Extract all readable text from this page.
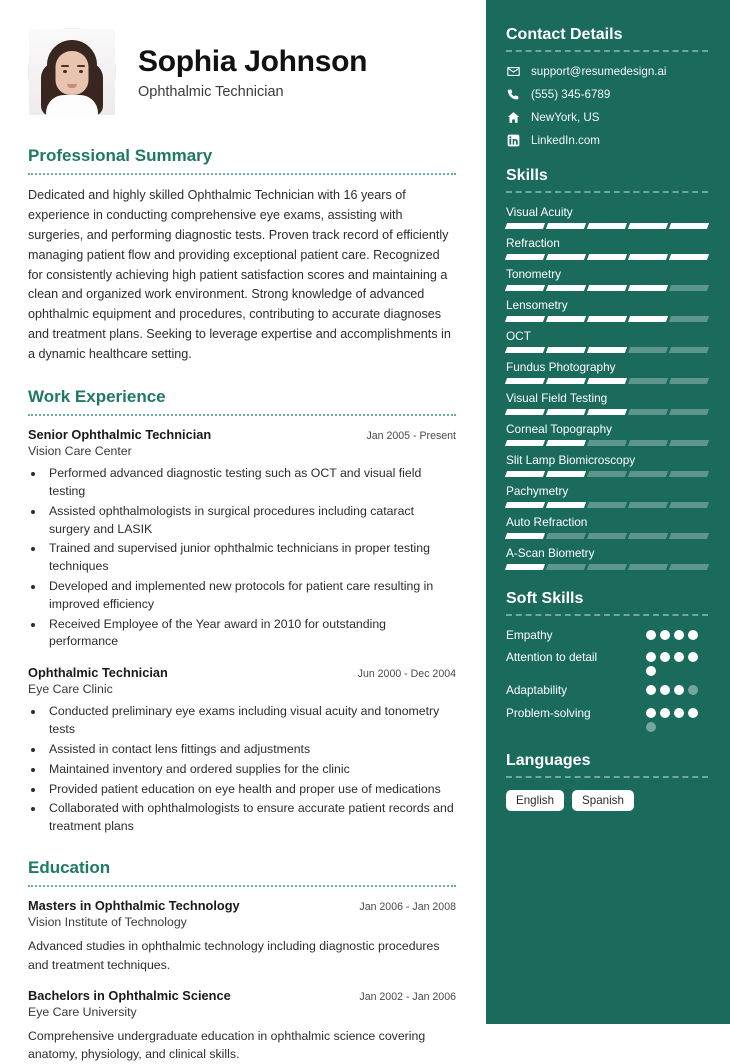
Sophia Johnson
Ophthalmic Technician
Professional Summary
Dedicated and highly skilled Ophthalmic Technician with 16 years of experience in conducting comprehensive eye exams, assisting with surgeries, and performing diagnostic tests. Proven track record of efficiently managing patient flow and providing exceptional patient care. Recognized for consistently achieving high patient satisfaction scores and maintaining a clean and organized work environment. Strong knowledge of advanced ophthalmic equipment and procedures, contributing to accurate diagnoses and treatment plans. Seeking to leverage expertise and accomplishments in a dynamic healthcare setting.
Work Experience
Senior Ophthalmic Technician	Jan 2005 - Present
Vision Care Center
• Performed advanced diagnostic testing such as OCT and visual field testing
• Assisted ophthalmologists in surgical procedures including cataract surgery and LASIK
• Trained and supervised junior ophthalmic technicians in proper testing techniques
• Developed and implemented new protocols for patient care resulting in improved efficiency
• Received Employee of the Year award in 2010 for outstanding performance
Ophthalmic Technician	Jun 2000 - Dec 2004
Eye Care Clinic
• Conducted preliminary eye exams including visual acuity and tonometry tests
• Assisted in contact lens fittings and adjustments
• Maintained inventory and ordered supplies for the clinic
• Provided patient education on eye health and proper use of medications
• Collaborated with ophthalmologists to ensure accurate patient records and treatment plans
Education
Masters in Ophthalmic Technology	Jan 2006 - Jan 2008
Vision Institute of Technology
Advanced studies in ophthalmic technology including diagnostic procedures and treatment techniques.
Bachelors in Ophthalmic Science	Jan 2002 - Jan 2006
Eye Care University
Comprehensive undergraduate education in ophthalmic science covering anatomy, physiology, and clinical skills.
Contact Details
support@resumedesign.ai
(555) 345-6789
NewYork, US
LinkedIn.com
Skills
Visual Acuity
Refraction
Tonometry
Lensometry
OCT
Fundus Photography
Visual Field Testing
Corneal Topography
Slit Lamp Biomicroscopy
Pachymetry
Auto Refraction
A-Scan Biometry
Soft Skills
Empathy
Attention to detail
Adaptability
Problem-solving
Languages
English	Spanish
